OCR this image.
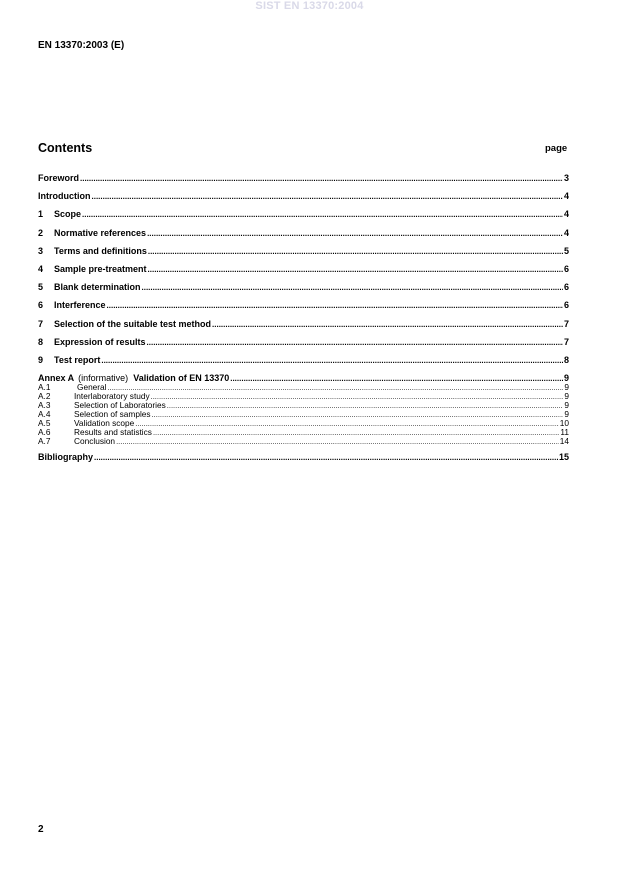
SIST EN 13370:2004
EN 13370:2003 (E)
Contents	page
Foreword .....	3
Introduction .....	4
1	Scope .....	4
2	Normative references .....	4
3	Terms and definitions .....	5
4	Sample pre-treatment .....	6
5	Blank determination .....	6
6	Interference .....	6
7	Selection of the suitable test method .....	7
8	Expression of results .....	7
9	Test report .....	8
Annex A (informative) Validation of EN 13370 .....	9
A.1	General .....	9
A.2	Interlaboratory study .....	9
A.3	Selection of Laboratories .....	9
A.4	Selection of samples .....	9
A.5	Validation scope .....	10
A.6	Results and statistics .....	11
A.7	Conclusion .....	14
Bibliography .....	15
2
